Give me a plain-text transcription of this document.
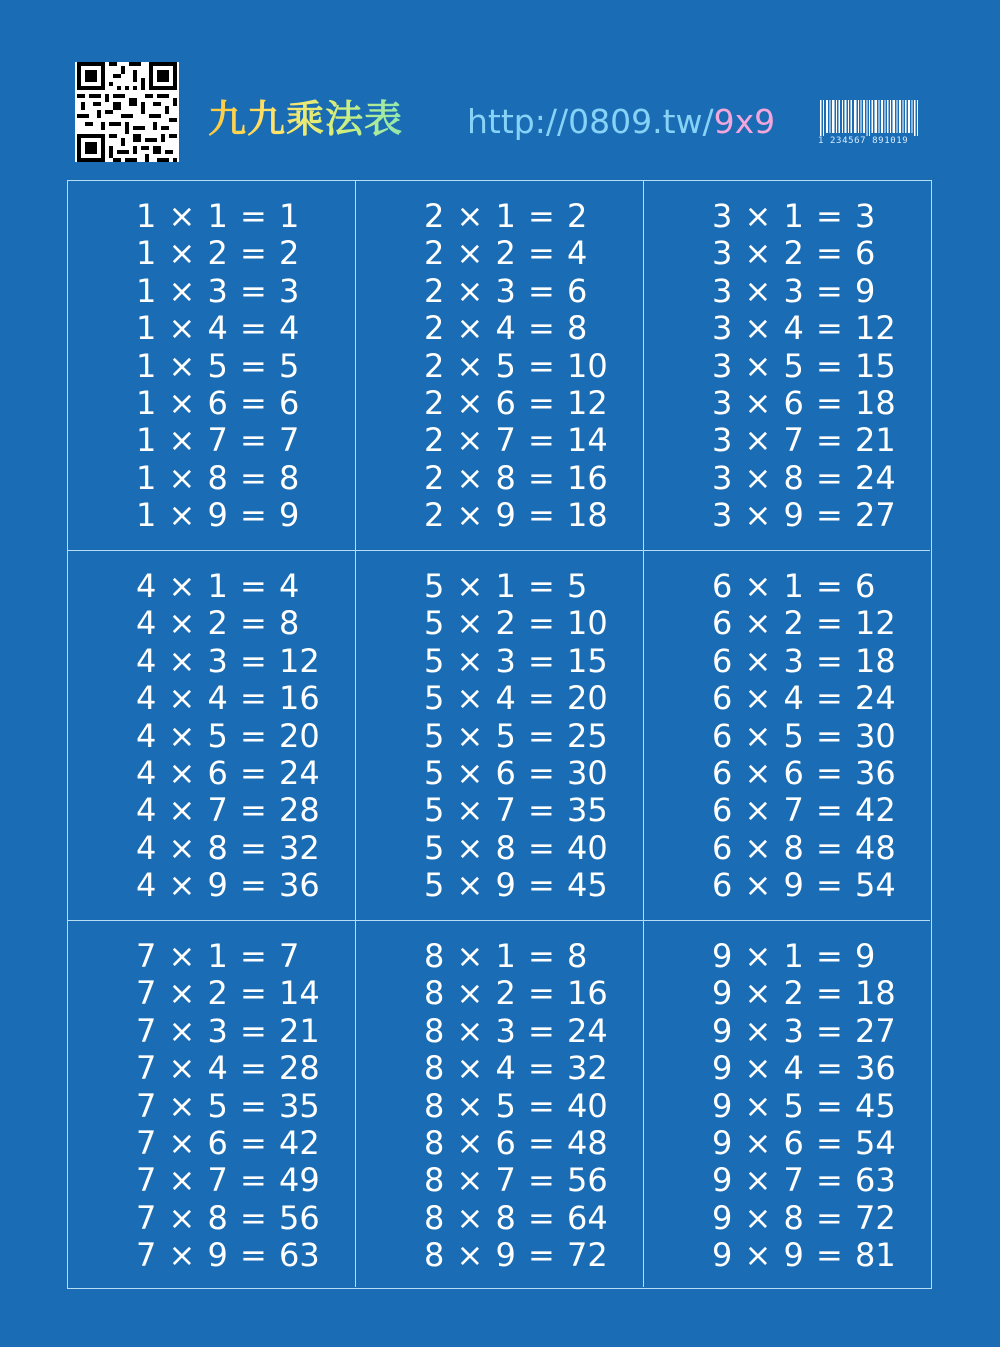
九九乘法表 http://0809.tw/9x9	1 234567 891019
1 × 1 = 1
1 × 2 = 2
1 × 3 = 3
1 × 4 = 4
1 × 5 = 5
1 × 6 = 6
1 × 7 = 7
1 × 8 = 8
1 × 9 = 9
2 × 1 = 2
2 × 2 = 4
2 × 3 = 6
2 × 4 = 8
2 × 5 = 10
2 × 6 = 12
2 × 7 = 14
2 × 8 = 16
2 × 9 = 18
3 × 1 = 3
3 × 2 = 6
3 × 3 = 9
3 × 4 = 12
3 × 5 = 15
3 × 6 = 18
3 × 7 = 21
3 × 8 = 24
3 × 9 = 27
4 × 1 = 4
4 × 2 = 8
4 × 3 = 12
4 × 4 = 16
4 × 5 = 20
4 × 6 = 24
4 × 7 = 28
4 × 8 = 32
4 × 9 = 36
5 × 1 = 5
5 × 2 = 10
5 × 3 = 15
5 × 4 = 20
5 × 5 = 25
5 × 6 = 30
5 × 7 = 35
5 × 8 = 40
5 × 9 = 45
6 × 1 = 6
6 × 2 = 12
6 × 3 = 18
6 × 4 = 24
6 × 5 = 30
6 × 6 = 36
6 × 7 = 42
6 × 8 = 48
6 × 9 = 54
7 × 1 = 7
7 × 2 = 14
7 × 3 = 21
7 × 4 = 28
7 × 5 = 35
7 × 6 = 42
7 × 7 = 49
7 × 8 = 56
7 × 9 = 63
8 × 1 = 8
8 × 2 = 16
8 × 3 = 24
8 × 4 = 32
8 × 5 = 40
8 × 6 = 48
8 × 7 = 56
8 × 8 = 64
8 × 9 = 72
9 × 1 = 9
9 × 2 = 18
9 × 3 = 27
9 × 4 = 36
9 × 5 = 45
9 × 6 = 54
9 × 7 = 63
9 × 8 = 72
9 × 9 = 81
